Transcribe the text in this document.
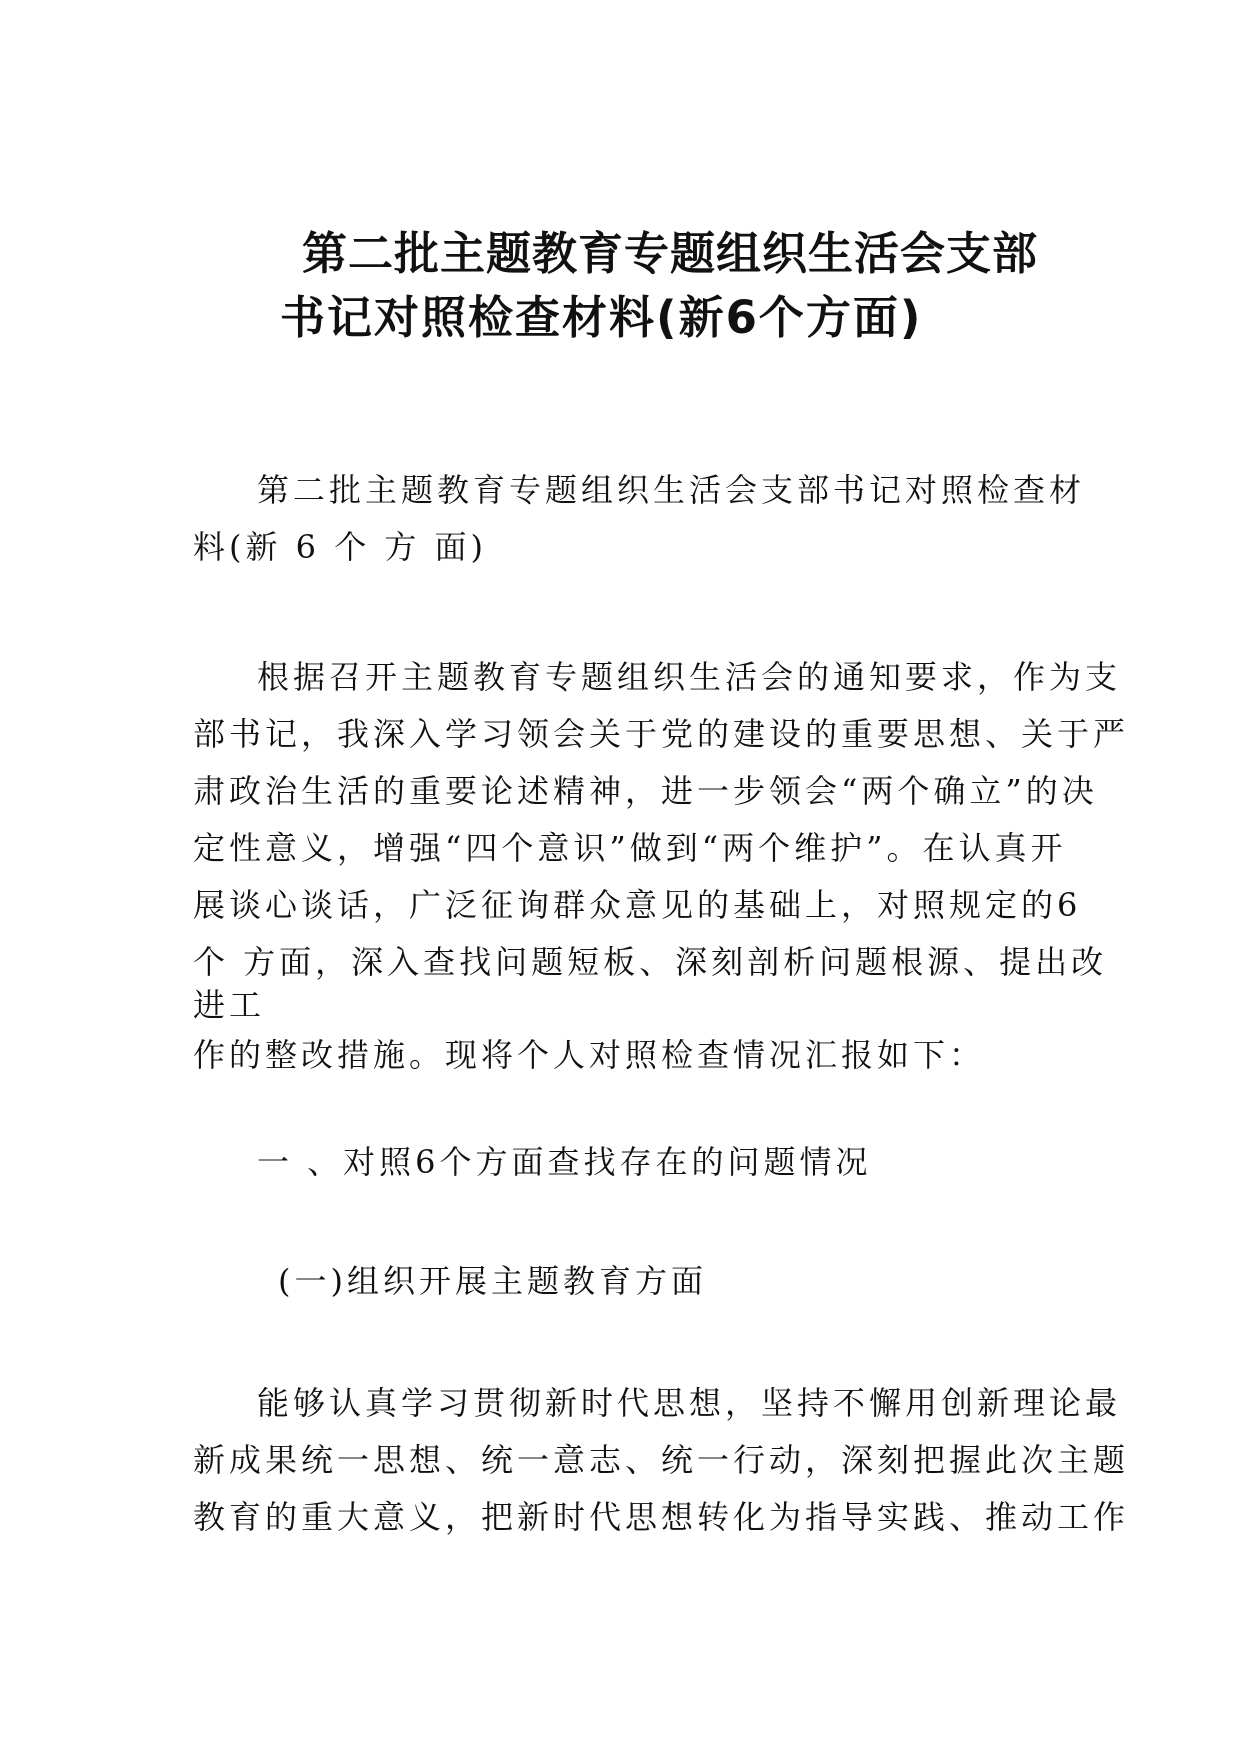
第二批主题教育专题组织生活会支部
书记对照检查材料(新6个方面)
第二批主题教育专题组织生活会支部书记对照检查材
料(新 6 个 方 面)
根据召开主题教育专题组织生活会的通知要求，作为支
部书记，我深入学习领会关于党的建设的重要思想、关于严
肃政治生活的重要论述精神，进一步领会“两个确立”的决
定性意义，增强“四个意识”做到“两个维护”。在认真开
展谈心谈话，广泛征询群众意见的基础上，对照规定的6
个 方面，深入查找问题短板、深刻剖析问题根源、提出改
进工
作的整改措施。现将个人对照检查情况汇报如下：
一 、对照6个方面查找存在的问题情况
(一)组织开展主题教育方面
能够认真学习贯彻新时代思想，坚持不懈用创新理论最
新成果统一思想、统一意志、统一行动，深刻把握此次主题
教育的重大意义，把新时代思想转化为指导实践、推动工作
